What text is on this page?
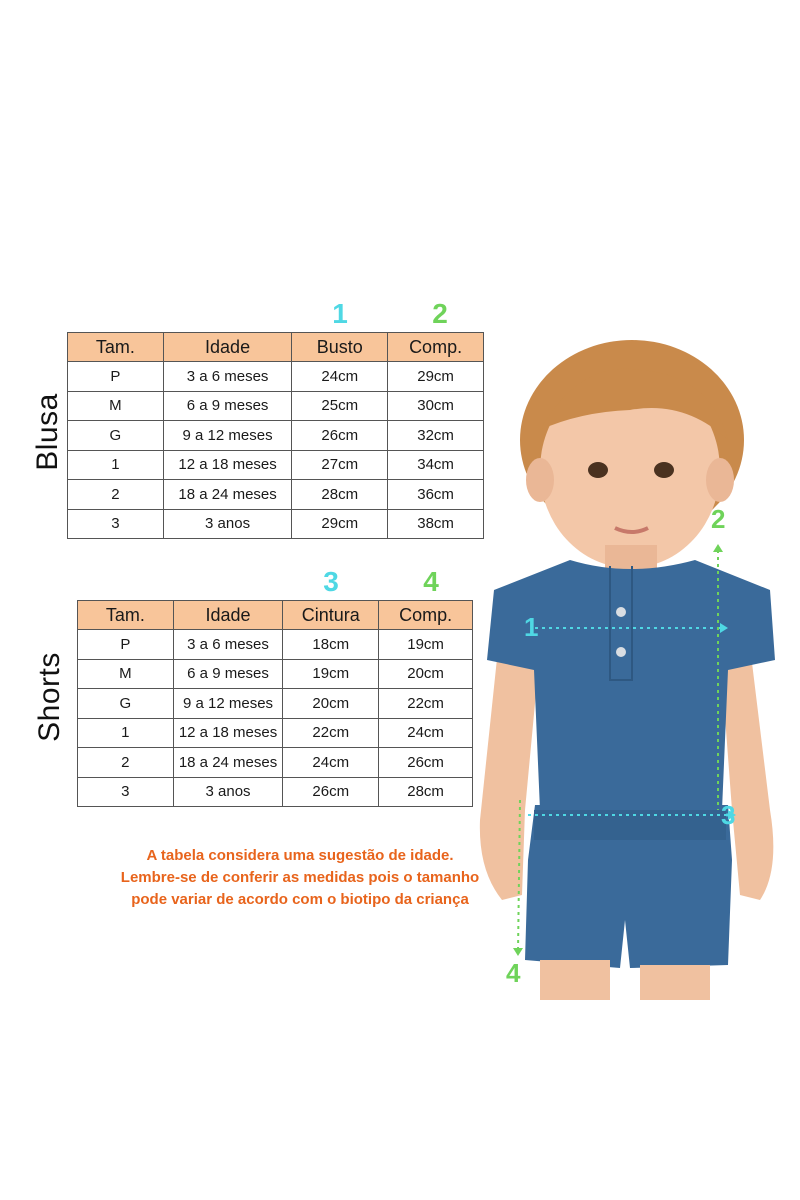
Blusa
Shorts
1	2
3	4
Tam.	Idade	Busto	Comp.
P	3 a 6 meses	24cm	29cm
M	6 a 9 meses	25cm	30cm
G	9 a 12 meses	26cm	32cm
1	12 a 18 meses	27cm	34cm
2	18 a 24 meses	28cm	36cm
3	3 anos	29cm	38cm
Tam.	Idade	Cintura	Comp.
P	3 a 6 meses	18cm	19cm
M	6 a 9 meses	19cm	20cm
G	9 a 12 meses	20cm	22cm
1	12 a 18 meses	22cm	24cm
2	18 a 24 meses	24cm	26cm
3	3 anos	26cm	28cm
A tabela considera uma sugestão de idade.
Lembre-se de conferir as medidas pois o tamanho
pode variar de acordo com o biotipo da criança
1
2
3
4
